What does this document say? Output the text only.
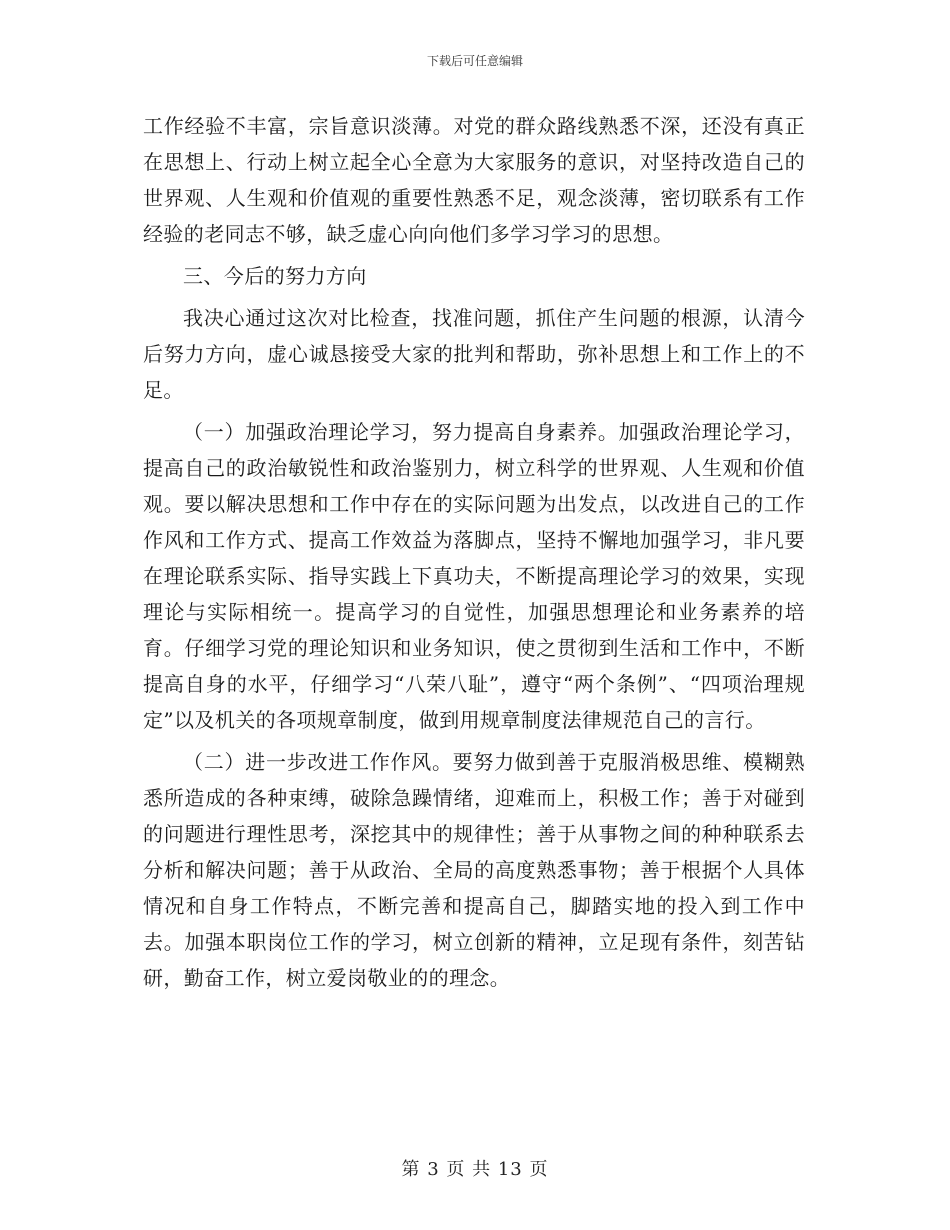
下载后可任意编辑

工作经验不丰富，宗旨意识淡薄。对党的群众路线熟悉不深，还没有真正在思想上、行动上树立起全心全意为大家服务的意识，对坚持改造自己的世界观、人生观和价值观的重要性熟悉不足，观念淡薄，密切联系有工作经验的老同志不够，缺乏虚心向向他们多学习学习的思想。

三、今后的努力方向

我决心通过这次对比检查，找准问题，抓住产生问题的根源，认清今后努力方向，虚心诚恳接受大家的批判和帮助，弥补思想上和工作上的不足。

（一）加强政治理论学习，努力提高自身素养。加强政治理论学习，提高自己的政治敏锐性和政治鉴别力，树立科学的世界观、人生观和价值观。要以解决思想和工作中存在的实际问题为出发点，以改进自己的工作作风和工作方式、提高工作效益为落脚点，坚持不懈地加强学习，非凡要在理论联系实际、指导实践上下真功夫，不断提高理论学习的效果，实现理论与实际相统一。提高学习的自觉性，加强思想理论和业务素养的培育。仔细学习党的理论知识和业务知识，使之贯彻到生活和工作中，不断提高自身的水平，仔细学习“八荣八耻”，遵守“两个条例”、“四项治理规定”以及机关的各项规章制度，做到用规章制度法律规范自己的言行。

（二）进一步改进工作作风。要努力做到善于克服消极思维、模糊熟悉所造成的各种束缚，破除急躁情绪，迎难而上，积极工作；善于对碰到的问题进行理性思考，深挖其中的规律性；善于从事物之间的种种联系去分析和解决问题；善于从政治、全局的高度熟悉事物；善于根据个人具体情况和自身工作特点，不断完善和提高自己，脚踏实地的投入到工作中去。加强本职岗位工作的学习，树立创新的精神，立足现有条件，刻苦钻研，勤奋工作，树立爱岗敬业的的理念。

第 3 页 共 13 页
